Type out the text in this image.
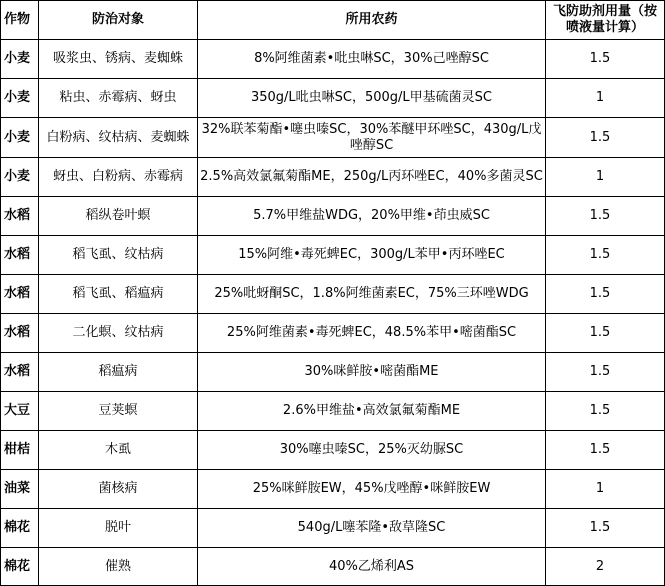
作物	防治对象	所用农药	飞防助剂用量（按喷液量计算）
小麦	吸浆虫、锈病、麦蜘蛛	8%阿维菌素•吡虫啉SC，30%己唑醇SC	1.5
小麦	粘虫、赤霉病、蚜虫	350g/L吡虫啉SC，500g/L甲基硫菌灵SC	1
小麦	白粉病、纹枯病、麦蜘蛛	32%联苯菊酯•噻虫嗪SC，30%苯醚甲环唑SC，430g/L戊唑醇SC	1.5
小麦	蚜虫、白粉病、赤霉病	2.5%高效氯氟菊酯ME，250g/L丙环唑EC，40%多菌灵SC	1
水稻	稻纵卷叶螟	5.7%甲维盐WDG，20%甲维•茚虫威SC	1.5
水稻	稻飞虱、纹枯病	15%阿维•毒死蜱EC，300g/L苯甲•丙环唑EC	1.5
水稻	稻飞虱、稻瘟病	25%吡蚜酮SC，1.8%阿维菌素EC，75%三环唑WDG	1.5
水稻	二化螟、纹枯病	25%阿维菌素•毒死蜱EC，48.5%苯甲•嘧菌酯SC	1.5
水稻	稻瘟病	30%咪鲜胺•嘧菌酯ME	1.5
大豆	豆荚螟	2.6%甲维盐•高效氯氟菊酯ME	1.5
柑桔	木虱	30%噻虫嗪SC，25%灭幼脲SC	1.5
油菜	菌核病	25%咪鲜胺EW，45%戊唑醇•咪鲜胺EW	1
棉花	脱叶	540g/L噻苯隆•敌草隆SC	1.5
棉花	催熟	40%乙烯利AS	2
